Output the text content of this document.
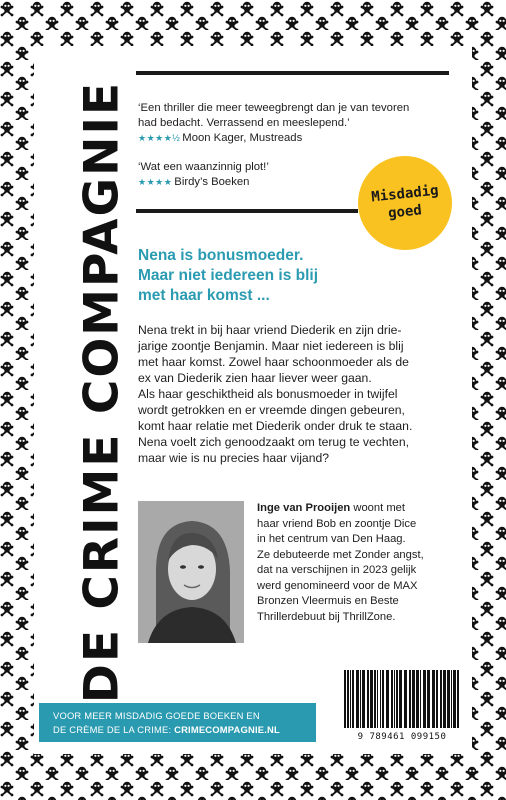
DE CRIME COMPAGNIE ‘Een thriller die meer teweegbrengt dan je van tevoren
had bedacht. Verrassend en meeslepend.’
★★★★½ Moon Kager, Mustreads
‘Wat een waanzinnig plot!’
★★★★ Birdy’s Boeken
Misdadig
goed
Nena is bonusmoeder.
Maar niet iedereen is blij
met haar komst ...
Nena trekt in bij haar vriend Diederik en zijn drie-
jarige zoontje Benjamin. Maar niet iedereen is blij
met haar komst. Zowel haar schoonmoeder als de
ex van Diederik zien haar liever weer gaan.
Als haar geschiktheid als bonusmoeder in twijfel
wordt getrokken en er vreemde dingen gebeuren,
komt haar relatie met Diederik onder druk te staan.
Nena voelt zich genoodzaakt om terug te vechten,
maar wie is nu precies haar vijand?
Inge van Prooijen woont met
haar vriend Bob en zoontje Dice
in het centrum van Den Haag.
Ze debuteerde met Zonder angst,
dat na verschijnen in 2023 gelijk
werd genomineerd voor de MAX
Bronzen Vleermuis en Beste
Thrillerdebuut bij ThrillZone.
VOOR MEER MISDADIG GOEDE BOEKEN EN
DE CRÈME DE LA CRIME: CRIMECOMPAGNIE.NL
9 789461 099150
